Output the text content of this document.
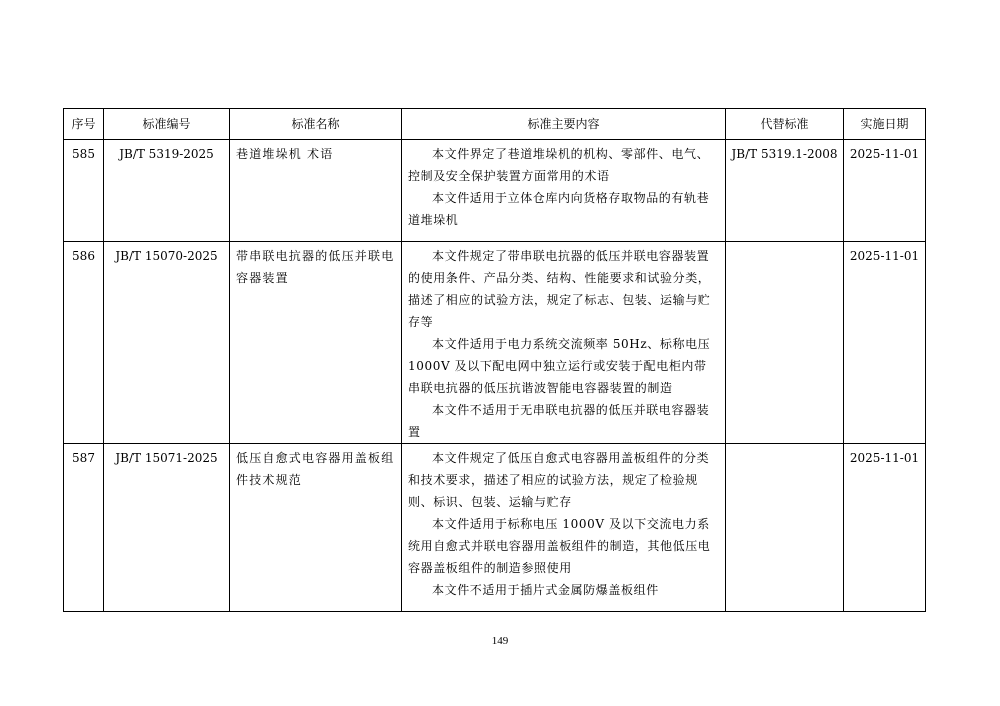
序号	标准编号	标准名称	标准主要内容	代替标准	实施日期
585	JB/T 5319-2025	巷道堆垛机 术语	本文件界定了巷道堆垛机的机构、零部件、电气、控制及安全保护装置方面常用的术语

本文件适用于立体仓库内向货格存取物品的有轨巷道堆垛机	JB/T 5319.1-2008	2025-11-01
586	JB/T 15070-2025	带串联电抗器的低压并联电容器装置	本文件规定了带串联电抗器的低压并联电容器装置的使用条件、产品分类、结构、性能要求和试验分类，描述了相应的试验方法，规定了标志、包装、运输与贮存等

本文件适用于电力系统交流频率 50Hz、标称电压 1000V 及以下配电网中独立运行或安装于配电柜内带串联电抗器的低压抗谐波智能电容器装置的制造

本文件不适用于无串联电抗器的低压并联电容器装置		2025-11-01
587	JB/T 15071-2025	低压自愈式电容器用盖板组件技术规范	本文件规定了低压自愈式电容器用盖板组件的分类和技术要求，描述了相应的试验方法，规定了检验规则、标识、包装、运输与贮存

本文件适用于标称电压 1000V 及以下交流电力系统用自愈式并联电容器用盖板组件的制造，其他低压电容器盖板组件的制造参照使用

本文件不适用于插片式金属防爆盖板组件		2025-11-01
149
